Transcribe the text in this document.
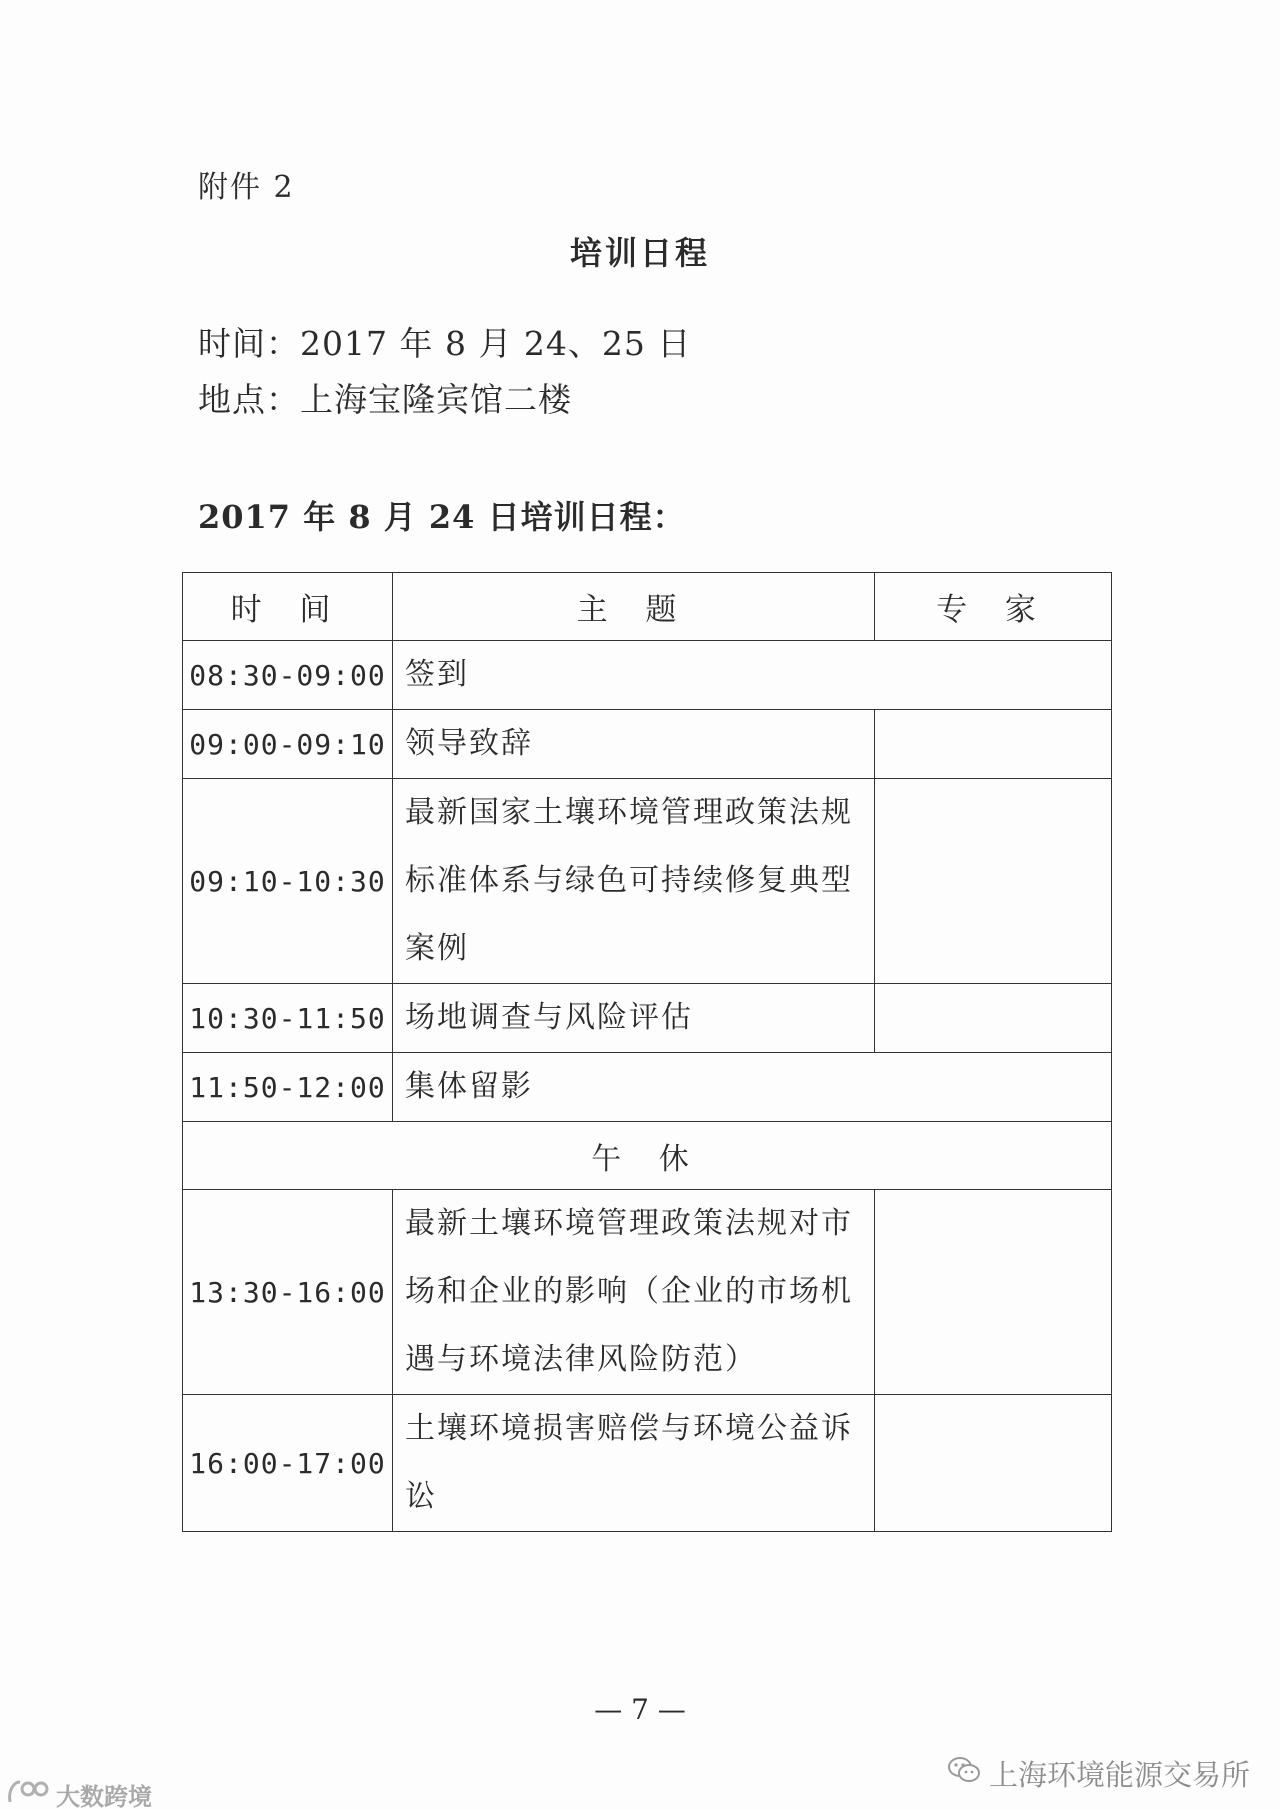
附件 2
培训日程
时间：2017 年 8 月 24、25 日
地点：上海宝隆宾馆二楼
2017 年 8 月 24 日培训日程：
时 间	主 题	专 家
08:30-09:00	签到	
09:00-09:10	领导致辞	
09:10-10:30	最新国家土壤环境管理政策法规标准体系与绿色可持续修复典型案例	
10:30-11:50	场地调查与风险评估	
11:50-12:00	集体留影	
午 休		
13:30-16:00	最新土壤环境管理政策法规对市场和企业的影响（企业的市场机遇与环境法律风险防范）	
16:00-17:00	土壤环境损害赔偿与环境公益诉讼	
— 7 —
上海环境能源交易所
大数跨境
